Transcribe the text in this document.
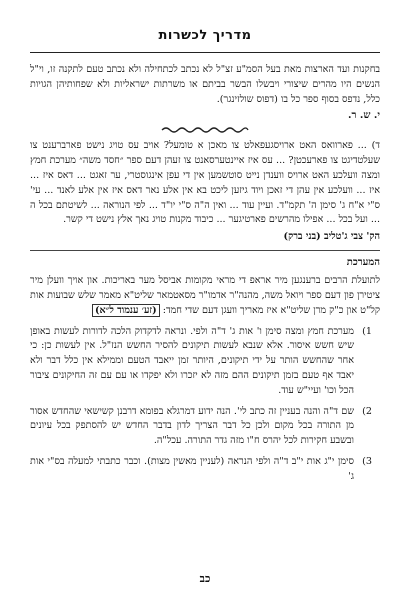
מדריך לכשרות

בחקנות ועד הארצות מאת בעל הסמ"ע זצ"ל לא נכתב לכתחילה ולא נכתב טעם לתקנה זו, וי"ל הנשים היו מהרים שיצורי ויבשלו הבשר בביתם או משרתות ישראליות ולא שפחותיהן הגויות כלל, נדפס בסוף ספר כל בו (דפוס שולזינגר).

י. ש. ר.

ד) ... פארוואס האט ארויסגעפאלט צו מאכן א טומעל? אויב עס טויג נישט פארברענט צו שעלטדיגט צו פארעכטן? ... עס איז איינטערסאנט צו זעהן דעם ספר ״חסד משה״ מערכת חמץ ומצה וועלכע האט ארויס ווענדן נייט סוטשמען אין די עפן אינגוסטרי, ער זאגט ... דאס איז ... איז ... וועלכע אין עהן די זאכן ויוד גיזען ליכט בא אין אלע נאר דאס איז אין אלע לאנד ... עי' ס"י א"ח ג' סימן ה' תקמ"ד. ועיין עוד ... ואין ה"ה ס"י יו"ד ... לפי הנוראה ... לשיטתם בכל ה ... ועל בכל ... אפילו מהרשים פארטיגער ... כיבוד מקנות טויג נאך אלץ נישט די קשר.

הק' צבי ג'טליב (בני ברק)
המערכת

לתועלת הרבים ברענגען מיר אראפ די מראי מקומות אביסל מער באריכות. און אויך וועלן מיר ציטירן פון דעם ספר ויואל משה, מהנה"ר אדמו"ר מסאטמאר שליט"א מאמר שלש שבועות אות קל"ט און כ"ק מרן שליט"א איז מאריך וועגן דעם שדי חמד: (זע׳ ענמוד ל״א)

1)

מערכת חמץ ומצה סימן ו' אות ג' ד"ה ולפי. ונראה לדקדוק הלכה לדורות לעשות באופן שיש חשש איסור. אלא שנבא לעשות תיקונים להסיר החשש הנז"ל. אין לעשות כן: כי אחר שהחשש הותר על ידי תיקונים, היותר זמן ייאבד הטעם וממילא אין כלל דבר ולא יאבד אף טעם בזמן תיקונים ההם מזה לא יזכרו ולא יפקדו או עם עם זה החיקונים ציבור הכל וכו' ועיי"ש עוד.

2)

שם ד"ה והנה בעניין זה כתב לי'. הנה ידוע דמרגלא בפומא דרבנן קשישאי שהחדש אסור מן התורה בכל מקום ולכן כל דבר הצריך לדון בדבר החדש יש להסתפק בכל עיונים ובשבע חקירות לכל יהרס ח"ו מזה גדר התורה. עכל"ה.

3)

סימן י"ג אות י"ב ד"ה ולפי הנראה (לעניין מאשין מצות). וכבר כתבתי למעלה בס"י אות ג'

כב
